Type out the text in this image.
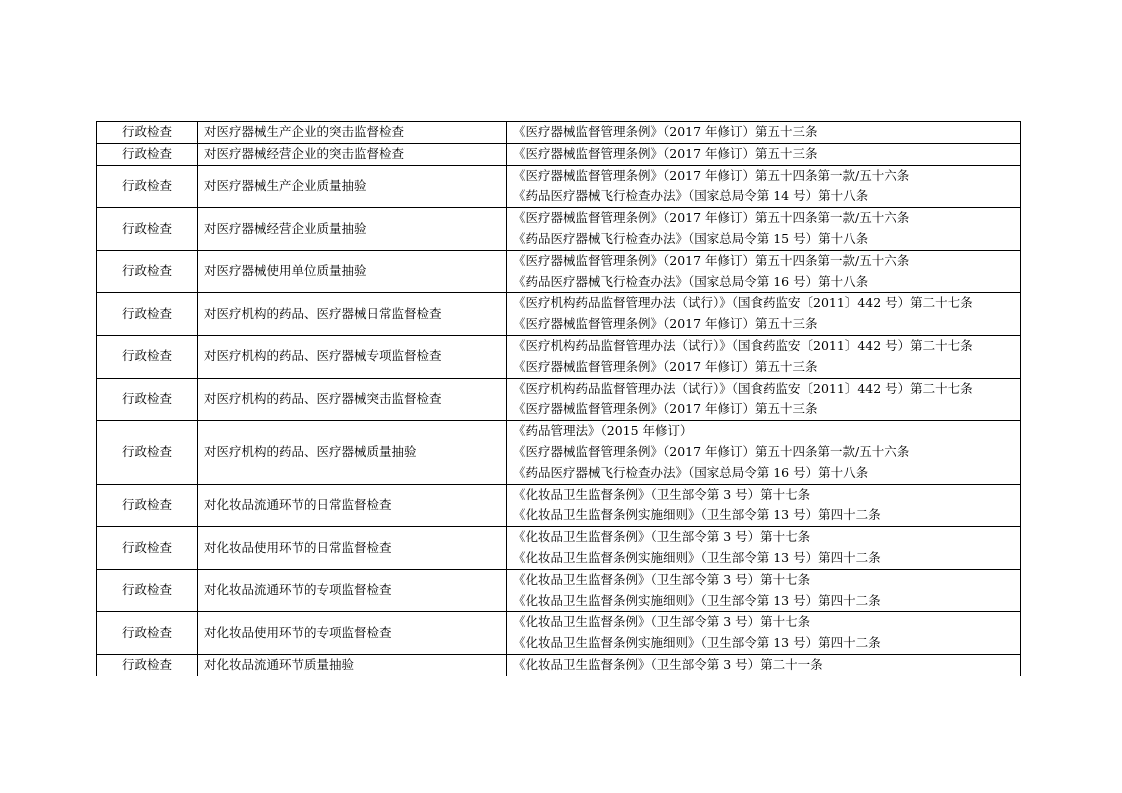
行政检查	对医疗器械生产企业的突击监督检查	《医疗器械监督管理条例》（2017 年修订）第五十三条

行政检查	对医疗器械经营企业的突击监督检查	《医疗器械监督管理条例》（2017 年修订）第五十三条

行政检查	对医疗器械生产企业质量抽验	《医疗器械监督管理条例》（2017 年修订）第五十四条第一款/五十六条
《药品医疗器械飞行检查办法》（国家总局令第 14 号）第十八条

行政检查	对医疗器械经营企业质量抽验	《医疗器械监督管理条例》（2017 年修订）第五十四条第一款/五十六条
《药品医疗器械飞行检查办法》（国家总局令第 15 号）第十八条

行政检查	对医疗器械使用单位质量抽验	《医疗器械监督管理条例》（2017 年修订）第五十四条第一款/五十六条
《药品医疗器械飞行检查办法》（国家总局令第 16 号）第十八条

行政检查	对医疗机构的药品、医疗器械日常监督检查	《医疗机构药品监督管理办法（试行）》（国食药监安〔2011〕442 号）第二十七条
《医疗器械监督管理条例》（2017 年修订）第五十三条

行政检查	对医疗机构的药品、医疗器械专项监督检查	《医疗机构药品监督管理办法（试行）》（国食药监安〔2011〕442 号）第二十七条
《医疗器械监督管理条例》（2017 年修订）第五十三条

行政检查	对医疗机构的药品、医疗器械突击监督检查	《医疗机构药品监督管理办法（试行）》（国食药监安〔2011〕442 号）第二十七条
《医疗器械监督管理条例》（2017 年修订）第五十三条

行政检查	对医疗机构的药品、医疗器械质量抽验	《药品管理法》（2015 年修订）
《医疗器械监督管理条例》（2017 年修订）第五十四条第一款/五十六条
《药品医疗器械飞行检查办法》（国家总局令第 16 号）第十八条

行政检查	对化妆品流通环节的日常监督检查	《化妆品卫生监督条例》（卫生部令第 3 号）第十七条
《化妆品卫生监督条例实施细则》（卫生部令第 13 号）第四十二条

行政检查	对化妆品使用环节的日常监督检查	《化妆品卫生监督条例》（卫生部令第 3 号）第十七条
《化妆品卫生监督条例实施细则》（卫生部令第 13 号）第四十二条

行政检查	对化妆品流通环节的专项监督检查	《化妆品卫生监督条例》（卫生部令第 3 号）第十七条
《化妆品卫生监督条例实施细则》（卫生部令第 13 号）第四十二条

行政检查	对化妆品使用环节的专项监督检查	《化妆品卫生监督条例》（卫生部令第 3 号）第十七条
《化妆品卫生监督条例实施细则》（卫生部令第 13 号）第四十二条

行政检查	对化妆品流通环节质量抽验	《化妆品卫生监督条例》（卫生部令第 3 号）第二十一条
